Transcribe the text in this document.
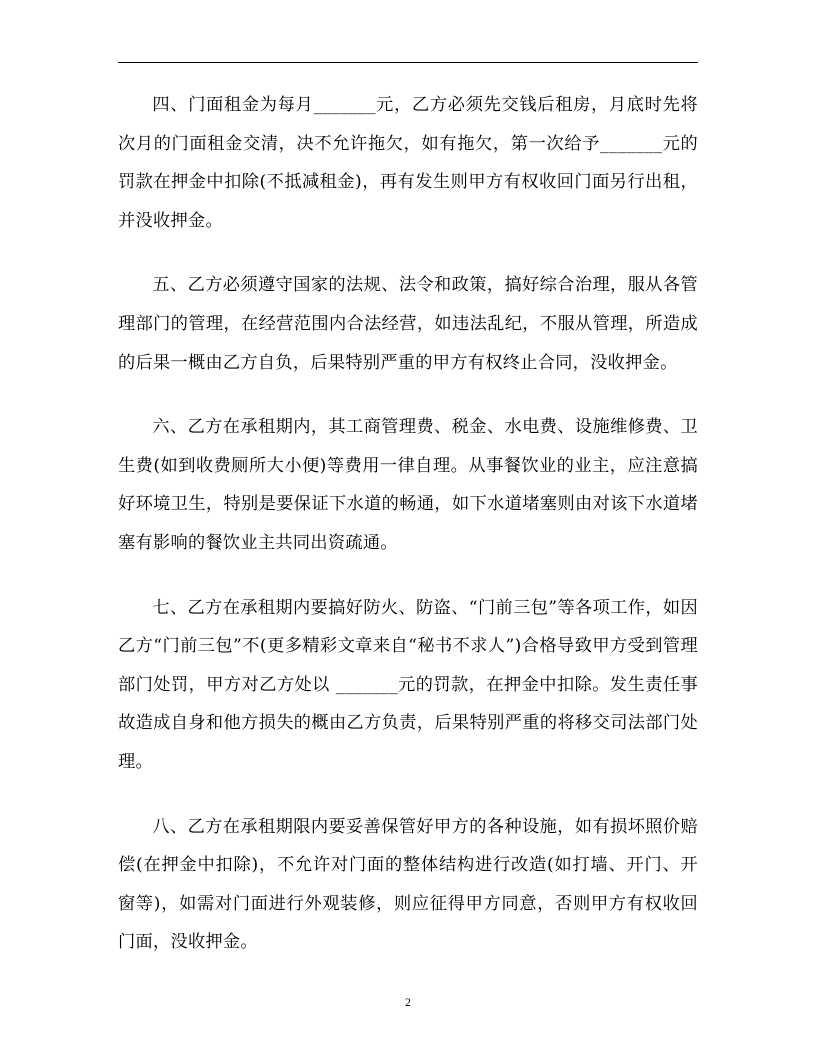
四、门面租金为每月_______元，乙方必须先交钱后租房，月底时先将次月的门面租金交清，决不允许拖欠，如有拖欠，第一次给予_______元的罚款在押金中扣除(不抵减租金)，再有发生则甲方有权收回门面另行出租，并没收押金。

五、乙方必须遵守国家的法规、法令和政策，搞好综合治理，服从各管理部门的管理，在经营范围内合法经营，如违法乱纪，不服从管理，所造成的后果一概由乙方自负，后果特别严重的甲方有权终止合同，没收押金。

六、乙方在承租期内，其工商管理费、税金、水电费、设施维修费、卫生费(如到收费厕所大小便)等费用一律自理。从事餐饮业的业主，应注意搞好环境卫生，特别是要保证下水道的畅通，如下水道堵塞则由对该下水道堵塞有影响的餐饮业主共同出资疏通。

七、乙方在承租期内要搞好防火、防盗、“门前三包”等各项工作，如因乙方“门前三包”不(更多精彩文章来自“秘书不求人”)合格导致甲方受到管理部门处罚，甲方对乙方处以 _______元的罚款，在押金中扣除。发生责任事故造成自身和他方损失的概由乙方负责，后果特别严重的将移交司法部门处理。

八、乙方在承租期限内要妥善保管好甲方的各种设施，如有损坏照价赔偿(在押金中扣除)，不允许对门面的整体结构进行改造(如打墙、开门、开窗等)，如需对门面进行外观装修，则应征得甲方同意，否则甲方有权收回门面，没收押金。

2
